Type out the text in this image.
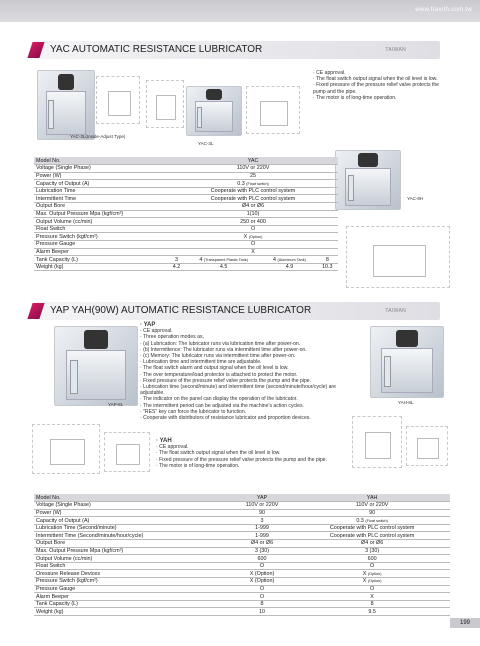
www.fravith.com.tw
YAC AUTOMATIC RESISTANCE LUBRICATOR	TAIWAN
YAC-3L(Inside-Adjust Type)
YAC-3L
· CE approval.
· The float switch output signal when the oil level is low.
· Fixed pressure of the pressure relief valve protects the pump and the pipe.
· The motor is of long-time operation.
YAC-8H
Model No.	YAC			
Voltage (Single Phase)	110V or 220V			
Power (W)	25			
Capacity of Output (A)	0.3 (Float switch)			
Lubrication Time	Cooperate with PLC control system			
Intermittent Time	Cooperate with PLC control system			
Output Bore	Ø4 or Ø6			
Max. Output Pressure Mpa (kgf/cm²)	1(10)			
Output Volume (cc/min)	250 or 400			
Float Switch	O			
Pressure Switch (kgf/cm²)	X (Option)			
Pressure Gauge	O			
Alarm Beeper	X			
Tank Capacity (L)	3	4 (Transparent Plastic Tank)	4 (Aluminum Tank)	8
Weight (kg)	4.2	4.5	4.9	10.3
YAP YAH(90W) AUTOMATIC RESISTANCE LUBRICATOR	TAIWAN
YAP-8L
· YAP
· CE approval.
· Three operation modes as,
· (a) Lubrication: The lubricator runs via lubrication time after power-on.
· (b) Intermittence: The lubricator runs via intermittent time after power-on.
· (c) Memory: The lubricator runs via intermittent time after power-on.
· Lubrication time and intermittent time are adjustable.
· The float switch alarm and output signal when the oil level is low.
· The over temperature/load protector is attached to protect the motor.
· Fixed pressure of the pressure relief valve protects the pump and the pipe.
· Lubrication time (second/minute) and intermittent time (second/minute/hour/cycle) are adjustable.
· The indicator on the panel can display the operation of the lubricator.
· The intermittent period can be adjusted via the machine's action cycles.
· "RES" key can force the lubricator to function.
· Cooperate with distributors of resistance lubricator and proportion devices.
YAH-8L
· YAH
· CE approval.
· The float switch output signal when the oil level is low.
· Fixed pressure of the pressure relief valve protects the pump and the pipe.
· The motor is of long-time operation.
Model No.	YAP	YAH
Voltage (Single Phase)	110V or 220V	110V or 220V
Power (W)	90	90
Capacity of Output (A)	3	0.3 (Float switch)
Lubrication Time (Second/minute)	1-999	Cooperate with PLC control system
Intermittent Time (Second/minute/hour/cycle)	1-999	Cooperate with PLC control system
Output Bore	Ø4 or Ø6	Ø4 or Ø6
Max. Output Pressure Mpa (kgf/cm²)	3 (30)	3 (30)
Output Volume (cc/min)	600	600
Float Switch	O	O
Oressure Release Devices	X (Option)	X (Option)
Pressure Switch (kgf/cm²)	X (Option)	X (Option)
Pressure Gauge	O	O
Alarm Beeper	O	X
Tank Capacity (L)	8	8
Weight (kg)	10	9.5
199
